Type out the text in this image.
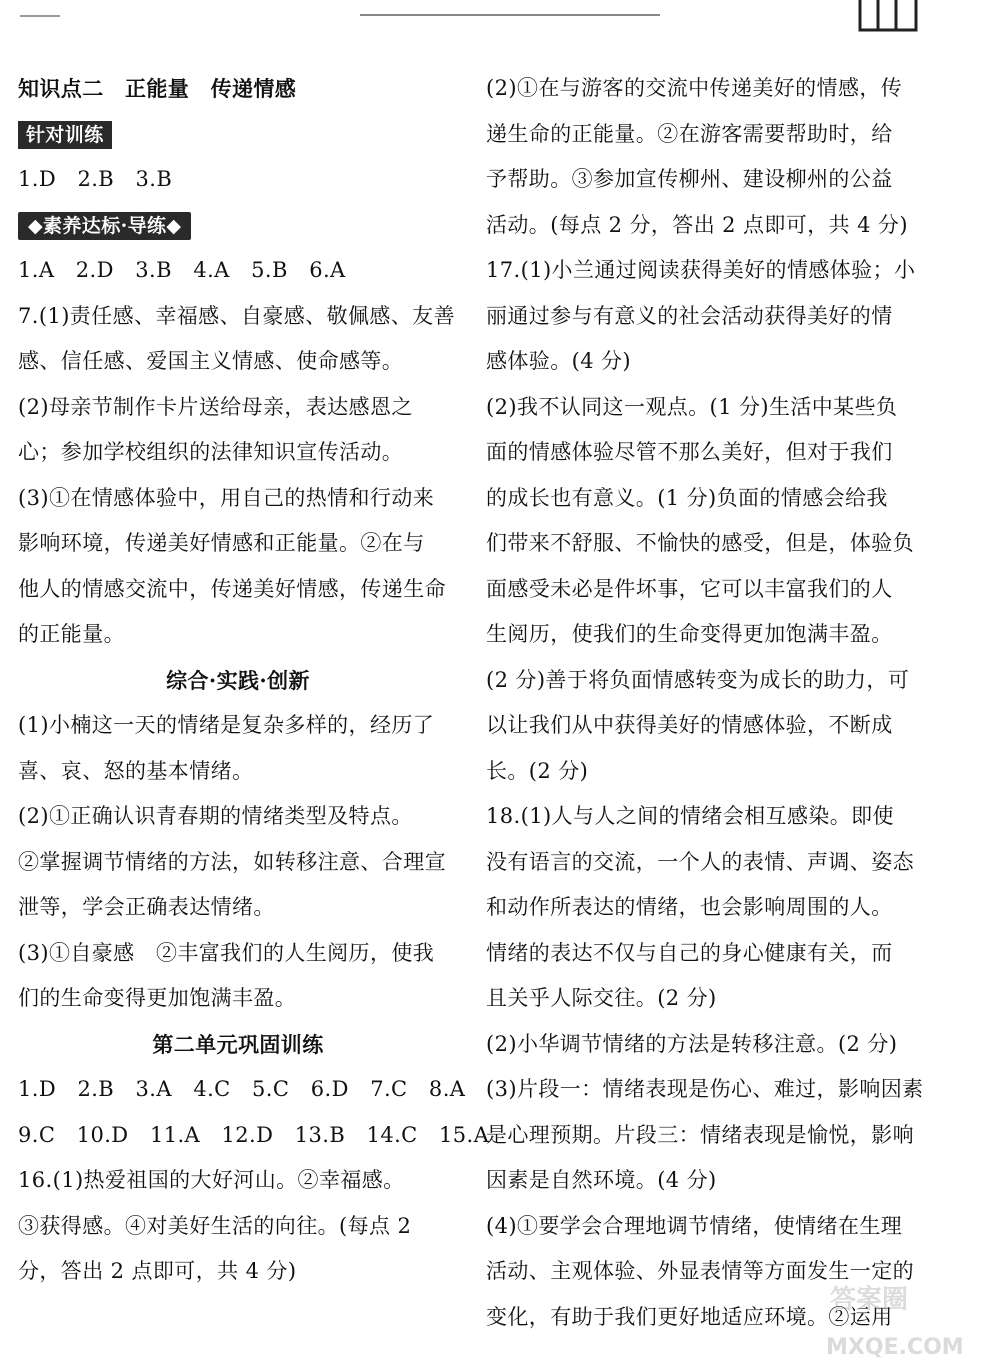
知识点二　正能量　传递情感
针对训练
1.D　2.B　3.B
◆素养达标·导练◆
1.A　2.D　3.B　4.A　5.B　6.A
7.(1)责任感、幸福感、自豪感、敬佩感、友善
感、信任感、爱国主义情感、使命感等。
(2)母亲节制作卡片送给母亲，表达感恩之
心；参加学校组织的法律知识宣传活动。
(3)①在情感体验中，用自己的热情和行动来
影响环境，传递美好情感和正能量。②在与
他人的情感交流中，传递美好情感，传递生命
的正能量。
综合·实践·创新
(1)小楠这一天的情绪是复杂多样的，经历了
喜、哀、怒的基本情绪。
(2)①正确认识青春期的情绪类型及特点。
②掌握调节情绪的方法，如转移注意、合理宣
泄等，学会正确表达情绪。
(3)①自豪感　②丰富我们的人生阅历，使我
们的生命变得更加饱满丰盈。
第二单元巩固训练
1.D　2.B　3.A　4.C　5.C　6.D　7.C　8.A
9.C　10.D　11.A　12.D　13.B　14.C　15.A
16.(1)热爱祖国的大好河山。②幸福感。
③获得感。④对美好生活的向往。(每点 2
分，答出 2 点即可，共 4 分)
(2)①在与游客的交流中传递美好的情感，传
递生命的正能量。②在游客需要帮助时，给
予帮助。③参加宣传柳州、建设柳州的公益
活动。(每点 2 分，答出 2 点即可，共 4 分)
17.(1)小兰通过阅读获得美好的情感体验；小
丽通过参与有意义的社会活动获得美好的情
感体验。(4 分)
(2)我不认同这一观点。(1 分)生活中某些负
面的情感体验尽管不那么美好，但对于我们
的成长也有意义。(1 分)负面的情感会给我
们带来不舒服、不愉快的感受，但是，体验负
面感受未必是件坏事，它可以丰富我们的人
生阅历，使我们的生命变得更加饱满丰盈。
(2 分)善于将负面情感转变为成长的助力，可
以让我们从中获得美好的情感体验，不断成
长。(2 分)
18.(1)人与人之间的情绪会相互感染。即使
没有语言的交流，一个人的表情、声调、姿态
和动作所表达的情绪，也会影响周围的人。
情绪的表达不仅与自己的身心健康有关，而
且关乎人际交往。(2 分)
(2)小华调节情绪的方法是转移注意。(2 分)
(3)片段一：情绪表现是伤心、难过，影响因素
是心理预期。片段三：情绪表现是愉悦，影响
因素是自然环境。(4 分)
(4)①要学会合理地调节情绪，使情绪在生理
活动、主观体验、外显表情等方面发生一定的
变化，有助于我们更好地适应环境。②运用
答案圈
MXQE.COM
